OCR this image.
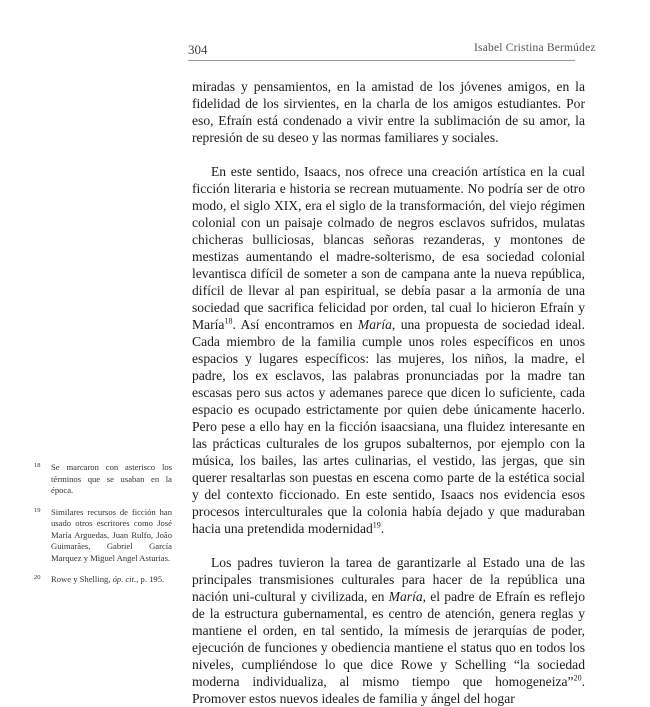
304	Isabel Cristina Bermúdez

miradas y pensamientos, en la amistad de los jóvenes amigos, en la fidelidad de los sirvientes, en la charla de los amigos estudiantes. Por eso, Efraín está condenado a vivir entre la sublimación de su amor, la represión de su deseo y las normas familiares y sociales.

En este sentido, Isaacs, nos ofrece una creación artística en la cual ficción literaria e historia se recrean mutuamente. No podría ser de otro modo, el siglo XIX, era el siglo de la transformación, del viejo régimen colonial con un paisaje colmado de negros esclavos sufridos, mulatas chicheras bulliciosas, blancas señoras rezanderas, y montones de mestizas aumentando el madre-solterismo, de esa sociedad colonial levantisca difícil de someter a son de campana ante la nueva república, difícil de llevar al pan espiritual, se debía pasar a la armonía de una sociedad que sacrifica felicidad por orden, tal cual lo hicieron Efraín y María$^{18}$. Así encontramos en María, una propuesta de sociedad ideal. Cada miembro de la familia cumple unos roles específicos en unos espacios y lugares específicos: las mujeres, los niños, la madre, el padre, los ex esclavos, las palabras pronunciadas por la madre tan escasas pero sus actos y ademanes parece que dicen lo suficiente, cada espacio es ocupado estrictamente por quien debe únicamente hacerlo. Pero pese a ello hay en la ficción isaacsiana, una fluidez interesante en las prácticas culturales de los grupos subalternos, por ejemplo con la música, los bailes, las artes culinarias, el vestido, las jergas, que sin querer resaltarlas son puestas en escena como parte de la estética social y del contexto ficcionado. En este sentido, Isaacs nos evidencia esos procesos interculturales que la colonia había dejado y que maduraban hacia una pretendida modernidad$^{19}$.

Los padres tuvieron la tarea de garantizarle al Estado una de las principales transmisiones culturales para hacer de la república una nación uni-cultural y civilizada, en María, el padre de Efraín es reflejo de la estructura gubernamental, es centro de atención, genera reglas y mantiene el orden, en tal sentido, la mímesis de jerarquías de poder, ejecución de funciones y obediencia mantiene el status quo en todos los niveles, cumpliéndose lo que dice Rowe y Schelling “la sociedad moderna individualiza, al mismo tiempo que homogeneiza”$^{20}$. Promover estos nuevos ideales de familia y ángel del hogar

18 Se marcaron con asterisco los términos que se usaban en la época.
19 Similares recursos de ficción han usado otros escritores como José María Arguedas, Juan Rulfo, João Guimarães, Gabriel García Marquez y Miguel Angel Asturias.
20 Rowe y Shelling, óp. cit., p. 195.
